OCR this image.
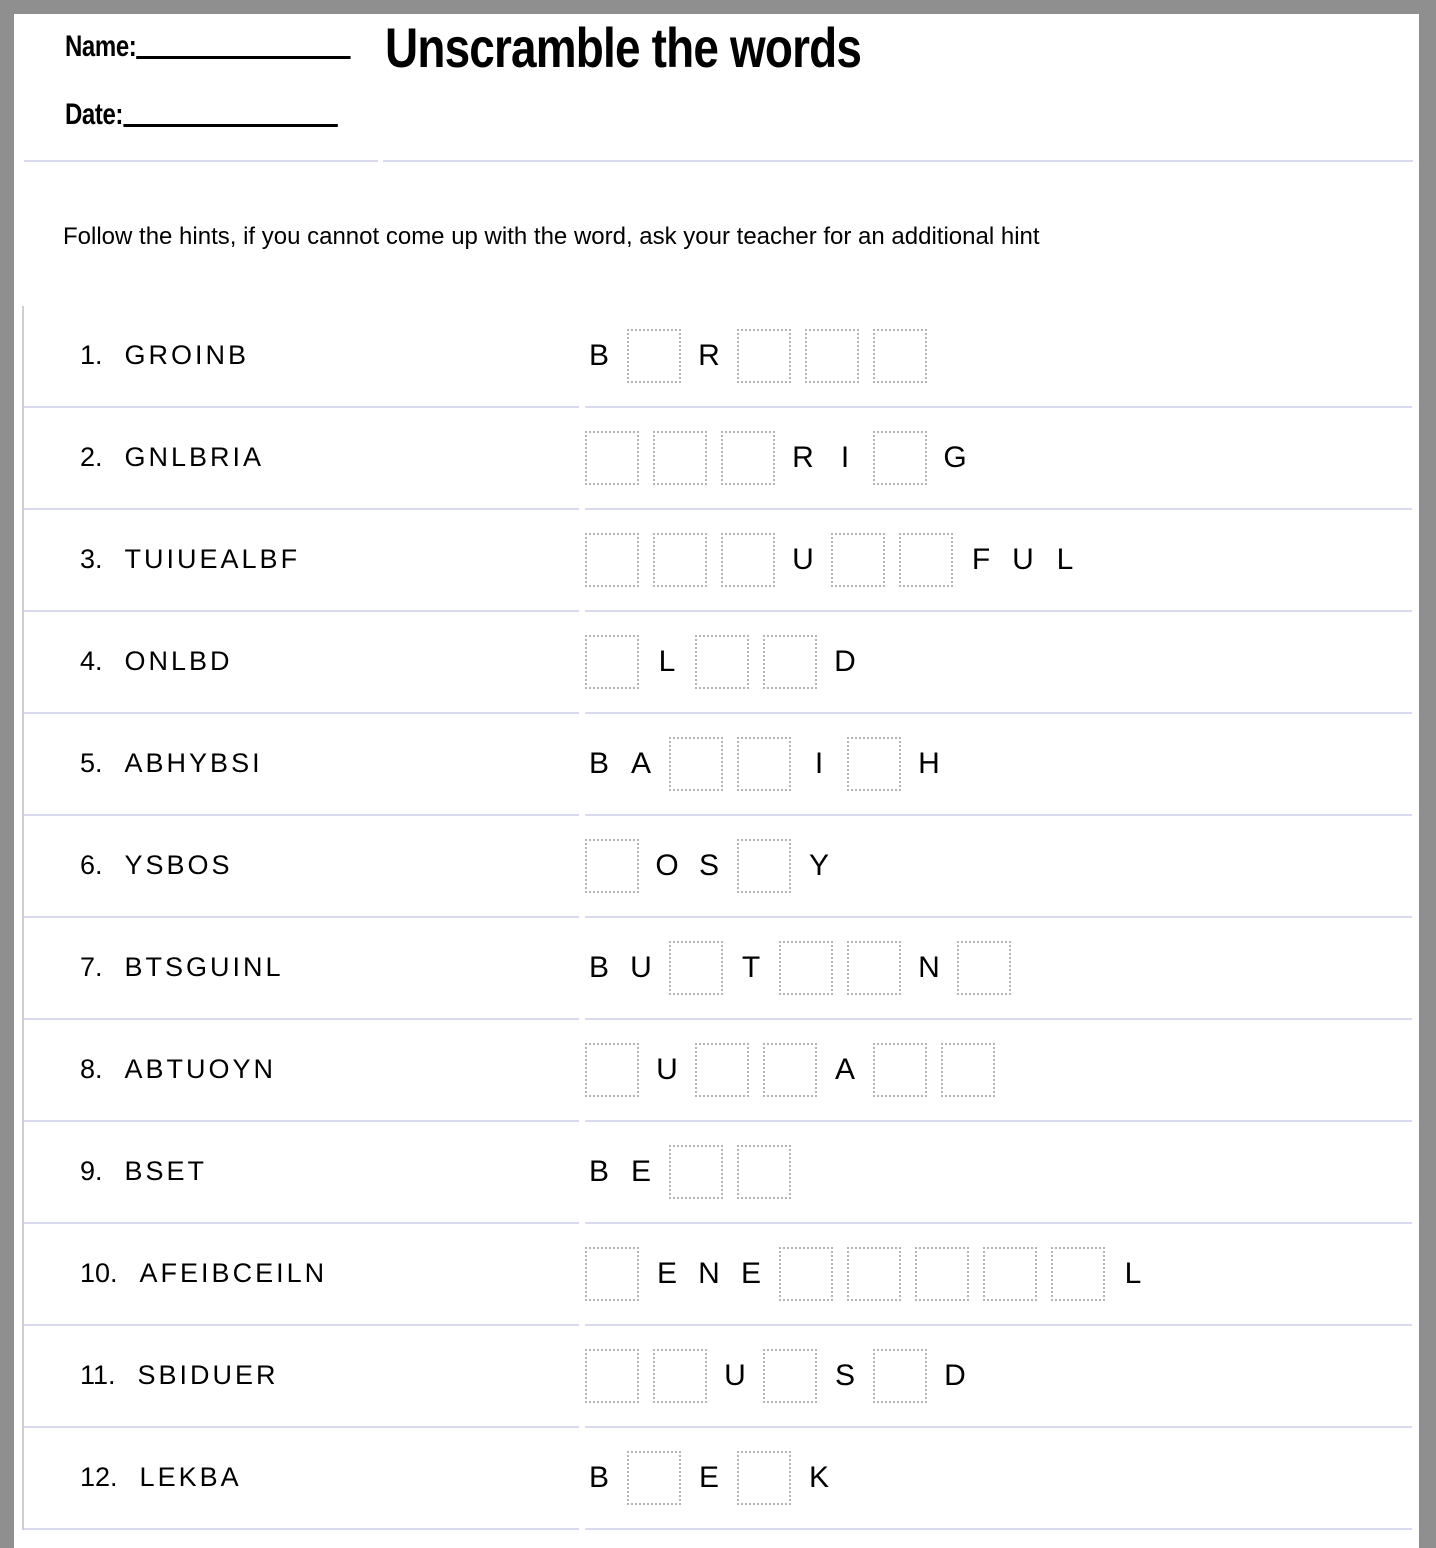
Name:
Date:
Unscramble the words
Follow the hints, if you cannot come up with the word, ask your teacher for an additional hint
1. GROINB	B	R
2. GNLBRIA	R I	G
3. TUIUEALBF	U	F U L
4. ONLBD	L	D
5. ABHYBSI	B A	I	H
6. YSBOS	O S	Y
7. BTSGUINL	B U	T	N
8. ABTUOYN	U	A
9. BSET	B E
10. AFEIBCEILN	E N E	L
11. SBIDUER	U	S	D
12. LEKBA	B	E	K
